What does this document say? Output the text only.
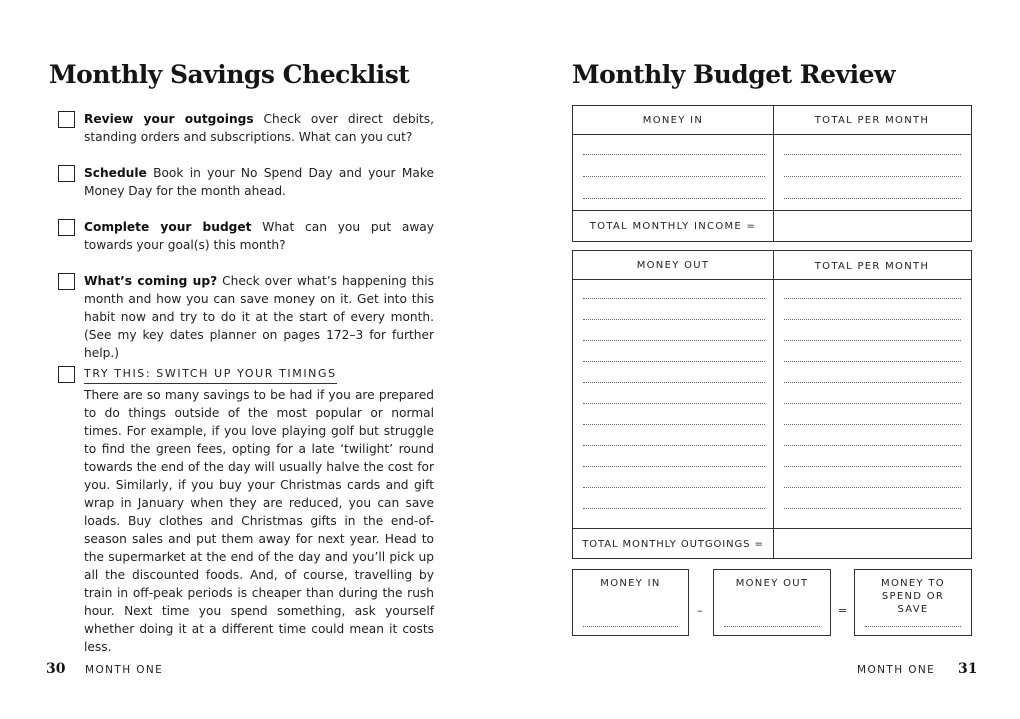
Monthly Savings Checklist
Review your outgoings Check over direct debits, standing orders and subscriptions. What can you cut?
Schedule Book in your No Spend Day and your Make Money Day for the month ahead.
Complete your budget What can you put away towards your goal(s) this month?
What’s coming up? Check over what’s happening this month and how you can save money on it. Get into this habit now and try to do it at the start of every month. (See my key dates planner on pages 172–3 for further help.)
TRY THIS: SWITCH UP YOUR TIMINGS
There are so many savings to be had if you are prepared to do things outside of the most popular or normal times. For example, if you love playing golf but struggle to find the green fees, opting for a late ‘twilight’ round towards the end of the day will usually halve the cost for you. Similarly, if you buy your Christmas cards and gift wrap in January when they are reduced, you can save loads. Buy clothes and Christmas gifts in the end-of-season sales and put them away for next year. Head to the supermarket at the end of the day and you’ll pick up all the discounted foods. And, of course, travelling by train in off-peak periods is cheaper than during the rush hour. Next time you spend something, ask yourself whether doing it at a different time could mean it costs less.
30 MONTH ONE
Monthly Budget Review
MONEY IN	TOTAL PER MONTH
TOTAL MONTHLY INCOME =
MONEY OUT	TOTAL PER MONTH
TOTAL MONTHLY OUTGOINGS =
MONEY IN
–
MONEY OUT
=
MONEY TO SPEND OR SAVE
MONTH ONE 31
